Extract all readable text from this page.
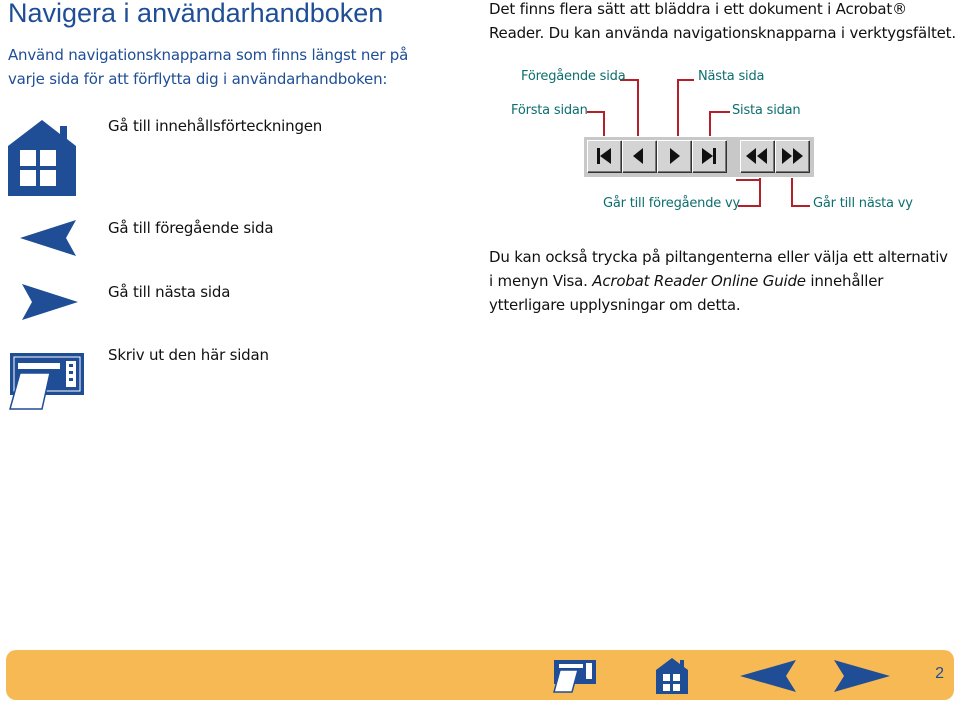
Navigera i användarhandboken
Använd navigationsknapparna som finns längst ner på varje sida för att förflytta dig i användarhandboken:
Gå till innehållsförteckningen
Gå till föregående sida
Gå till nästa sida
Skriv ut den här sidan
Det finns flera sätt att bläddra i ett dokument i Acrobat® Reader. Du kan använda navigationsknapparna i verktygsfältet.
Föregående sida	Nästa sida
Första sidan	Sista sidan
Går till föregående vy	Går till nästa vy
Du kan också trycka på piltangenterna eller välja ett alternativ i menyn Visa. Acrobat Reader Online Guide innehåller ytterligare upplysningar om detta.
2
